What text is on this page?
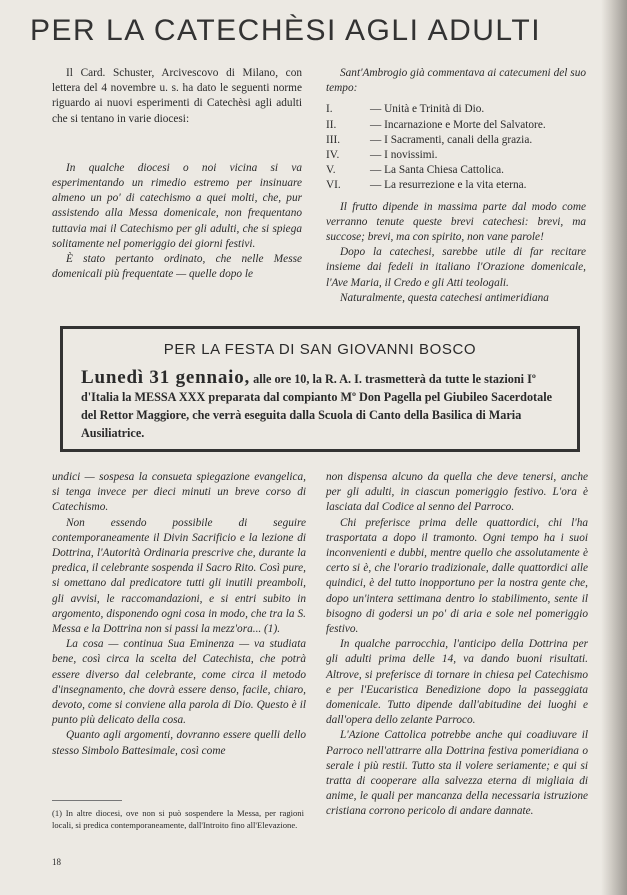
PER LA CATECHÈSI AGLI ADULTI

Il Card. Schuster, Arcivescovo di Milano, con lettera del 4 novembre u. s. ha dato le seguenti norme riguardo ai nuovi esperimenti di Catechèsi agli adulti che si tentano in varie diocesi:

In qualche diocesi o noi vicina si va esperimentando un rimedio estremo per insinuare almeno un po' di catechismo a quei molti, che, pur assistendo alla Messa domenicale, non frequentano tuttavia mai il Catechismo per gli adulti, che si spiega solitamente nel pomeriggio dei giorni festivi.

È stato pertanto ordinato, che nelle Messe domenicali più frequentate — quelle dopo le

Sant'Ambrogio già commentava ai catecumeni del suo tempo:

I.	— Unità e Trinità di Dio.
II.	— Incarnazione e Morte del Salvatore.
III.	— I Sacramenti, canali della grazia.
IV.	— I novissimi.
V.	— La Santa Chiesa Cattolica.
VI.	— La resurrezione e la vita eterna.

Il frutto dipende in massima parte dal modo come verranno tenute queste brevi catechesi: brevi, ma succose; brevi, ma con spirito, non vane parole!

Dopo la catechesi, sarebbe utile di far recitare insieme dai fedeli in italiano l'Orazione domenicale, l'Ave Maria, il Credo e gli Atti teologali.

Naturalmente, questa catechesi antimeridiana

PER LA FESTA DI SAN GIOVANNI BOSCO
Lunedì 31 gennaio, alle ore 10, la R. A. I. trasmetterà da tutte le stazioni Iº d'Italia la MESSA XXX preparata dal compianto Mº Don Pagella pel Giubileo Sacerdotale del Rettor Maggiore, che verrà eseguita dalla Scuola di Canto della Basilica di Maria Ausiliatrice.

undici — sospesa la consueta spiegazione evangelica, si tenga invece per dieci minuti un breve corso di Catechismo.

Non essendo possibile di seguire contemporaneamente il Divin Sacrificio e la lezione di Dottrina, l'Autorità Ordinaria prescrive che, durante la predica, il celebrante sospenda il Sacro Rito. Così pure, si omettano dal predicatore tutti gli inutili preamboli, gli avvisi, le raccomandazioni, e si entri subito in argomento, disponendo ogni cosa in modo, che tra la S. Messa e la Dottrina non si passi la mezz'ora... (1).

La cosa — continua Sua Eminenza — va studiata bene, così circa la scelta del Catechista, che potrà essere diverso dal celebrante, come circa il metodo d'insegnamento, che dovrà essere denso, facile, chiaro, devoto, come si conviene alla parola di Dio. Questo è il punto più delicato della cosa.

Quanto agli argomenti, dovranno essere quelli dello stesso Simbolo Battesimale, così come

non dispensa alcuno da quella che deve tenersi, anche per gli adulti, in ciascun pomeriggio festivo. L'ora è lasciata dal Codice al senno del Parroco.

Chi preferisce prima delle quattordici, chi l'ha trasportata a dopo il tramonto. Ogni tempo ha i suoi inconvenienti e dubbi, mentre quello che assolutamente è certo si è, che l'orario tradizionale, dalle quattordici alle quindici, è del tutto inopportuno per la nostra gente che, dopo un'intera settimana dentro lo stabilimento, sente il bisogno di godersi un po' di aria e sole nel pomeriggio festivo.

In qualche parrocchia, l'anticipo della Dottrina per gli adulti prima delle 14, va dando buoni risultati. Altrove, si preferisce di tornare in chiesa pel Catechismo e per l'Eucaristica Benedizione dopo la passeggiata domenicale. Tutto dipende dall'abitudine dei luoghi e dall'opera dello zelante Parroco.

L'Azione Cattolica potrebbe anche qui coadiuvare il Parroco nell'attrarre alla Dottrina festiva pomeridiana o serale i più restii. Tutto sta il volere seriamente; e qui si tratta di cooperare alla salvezza eterna di migliaia di anime, le quali per mancanza della necessaria istruzione cristiana corrono pericolo di andare dannate.

(1) In altre diocesi, ove non si può sospendere la Messa, per ragioni locali, si predica contemporaneamente, dall'Introito fino all'Elevazione.
18
